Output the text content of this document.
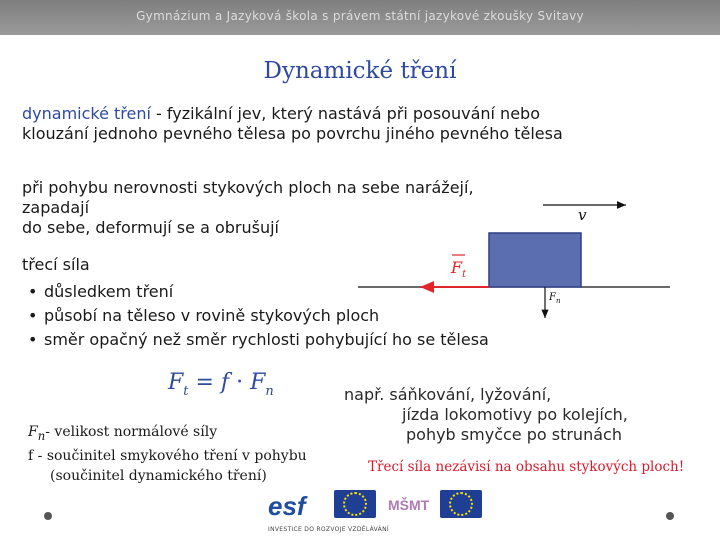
Gymnázium a Jazyková škola s právem státní jazykové zkoušky Svitavy
Dynamické tření
dynamické tření - fyzikální jev, který nastává při posouvání nebo
klouzání jednoho pevného tělesa po povrchu jiného pevného tělesa
při pohybu nerovnosti stykových ploch na sebe narážejí, zapadají
do sebe, deformují se a obrušují
třecí síla
• důsledkem tření
• působí na těleso v rovině stykových ploch
• směr opačný než směr rychlosti pohybující ho se tělesa
v
$F_t$
$F_n$
$F_t = f \cdot F_n$
$F_n-$ velikost normálové síly
f - součinitel smykového tření v pohybu
(součinitel dynamického tření)
např. sáňkování, lyžování,
jízda lokomotivy po kolejích,
pohyb smyčce po strunách
Třecí síla nezávisí na obsahu stykových ploch!
esf	MŠMT
INVESTICE DO ROZVOJE VZDĚLÁVÁNÍ
